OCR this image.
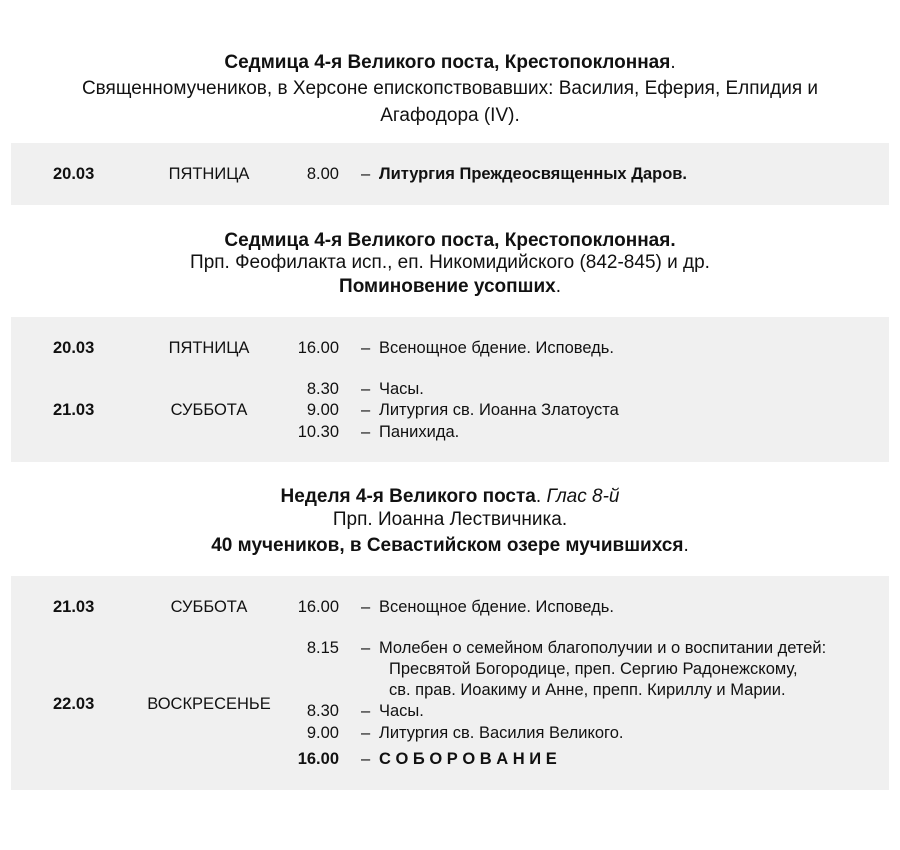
Седмица 4-я Великого поста, Крестопоклонная.
Священномучеников, в Херсоне епископствовавших: Василия, Еферия, Елпидия и
Агафодора (IV).
20.03	ПЯТНИЦА	8.00 – Литургия Преждеосвященных Даров.
Седмица 4-я Великого поста, Крестопоклонная.
Прп. Феофилакта исп., еп. Никомидийского (842-845) и др.
Поминовение усопших.
20.03	ПЯТНИЦА	16.00 – Всенощное бдение. Исповедь.
21.03	СУББОТА
8.30 – Часы.
9.00 – Литургия св. Иоанна Златоуста
10.30 – Панихида.
Неделя 4-я Великого поста. Глас 8-й
Прп. Иоанна Лествичника.
40 мучеников, в Севастийском озере мучившихся.
21.03	СУББОТА	16.00 – Всенощное бдение. Исповедь.
22.03	ВОСКРЕСЕНЬЕ
8.15 – Молебен о семейном благополучии и о воспитании детей:
Пресвятой Богородице, преп. Сергию Радонежскому,
св. прав. Иоакиму и Анне, препп. Кириллу и Марии.
8.30 – Часы.
9.00 – Литургия св. Василия Великого.
16.00 – С О Б О Р О В А Н И Е
